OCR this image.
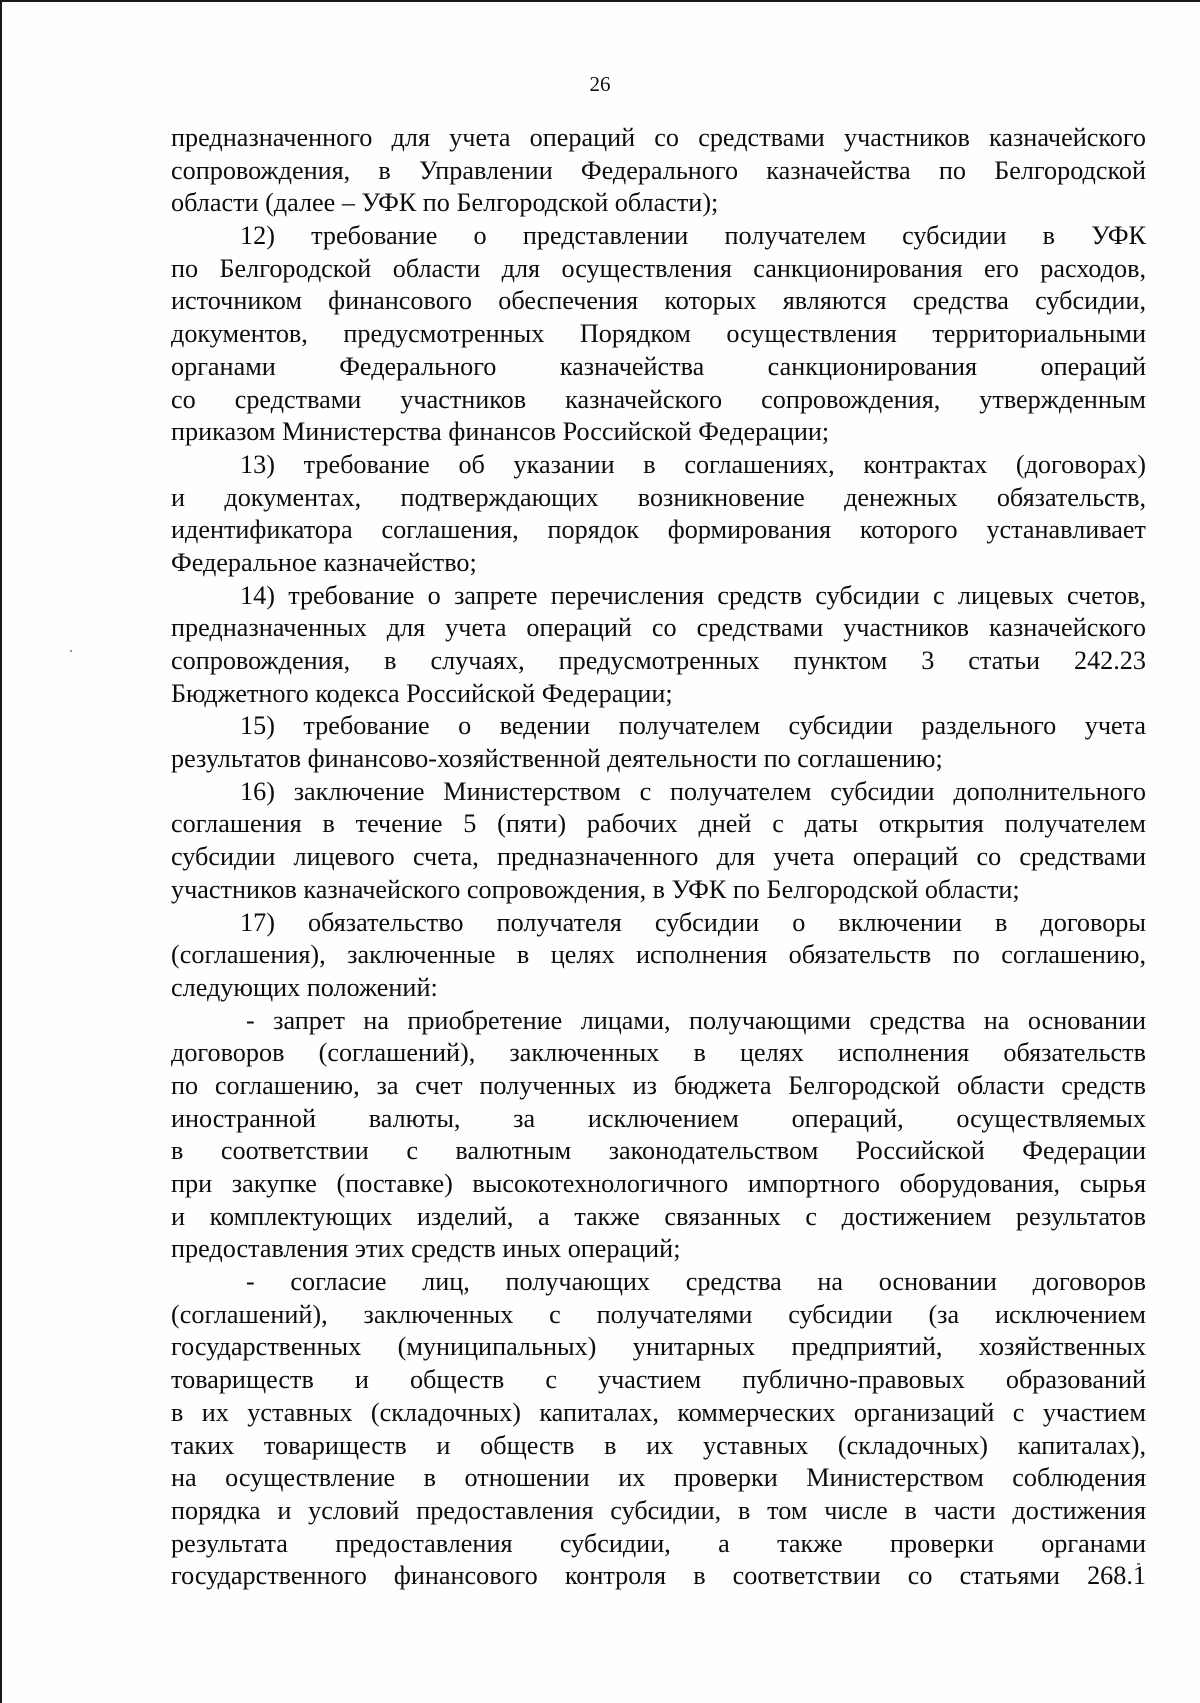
26
предназначенного для учета операций со средствами участников казначейского
сопровождения, в Управлении Федерального казначейства по Белгородской
области (далее – УФК по Белгородской области);
12) требование о представлении получателем субсидии в УФК
по Белгородской области для осуществления санкционирования его расходов,
источником финансового обеспечения которых являются средства субсидии,
документов, предусмотренных Порядком осуществления территориальными
органами Федерального казначейства санкционирования операций
со средствами участников казначейского сопровождения, утвержденным
приказом Министерства финансов Российской Федерации;
13) требование об указании в соглашениях, контрактах (договорах)
и документах, подтверждающих возникновение денежных обязательств,
идентификатора соглашения, порядок формирования которого устанавливает
Федеральное казначейство;
14) требование о запрете перечисления средств субсидии с лицевых счетов,
предназначенных для учета операций со средствами участников казначейского
сопровождения, в случаях, предусмотренных пунктом 3 статьи 242.23
Бюджетного кодекса Российской Федерации;
15) требование о ведении получателем субсидии раздельного учета
результатов финансово-хозяйственной деятельности по соглашению;
16) заключение Министерством с получателем субсидии дополнительного
соглашения в течение 5 (пяти) рабочих дней с даты открытия получателем
субсидии лицевого счета, предназначенного для учета операций со средствами
участников казначейского сопровождения, в УФК по Белгородской области;
17) обязательство получателя субсидии о включении в договоры
(соглашения), заключенные в целях исполнения обязательств по соглашению,
следующих положений:
- запрет на приобретение лицами, получающими средства на основании
договоров (соглашений), заключенных в целях исполнения обязательств
по соглашению, за счет полученных из бюджета Белгородской области средств
иностранной валюты, за исключением операций, осуществляемых
в соответствии с валютным законодательством Российской Федерации
при закупке (поставке) высокотехнологичного импортного оборудования, сырья
и комплектующих изделий, а также связанных с достижением результатов
предоставления этих средств иных операций;
- согласие лиц, получающих средства на основании договоров
(соглашений), заключенных с получателями субсидии (за исключением
государственных (муниципальных) унитарных предприятий, хозяйственных
товариществ и обществ с участием публично-правовых образований
в их уставных (складочных) капиталах, коммерческих организаций с участием
таких товариществ и обществ в их уставных (складочных) капиталах),
на осуществление в отношении их проверки Министерством соблюдения
порядка и условий предоставления субсидии, в том числе в части достижения
результата предоставления субсидии, а также проверки органами
государственного финансового контроля в соответствии со статьями 268.1
